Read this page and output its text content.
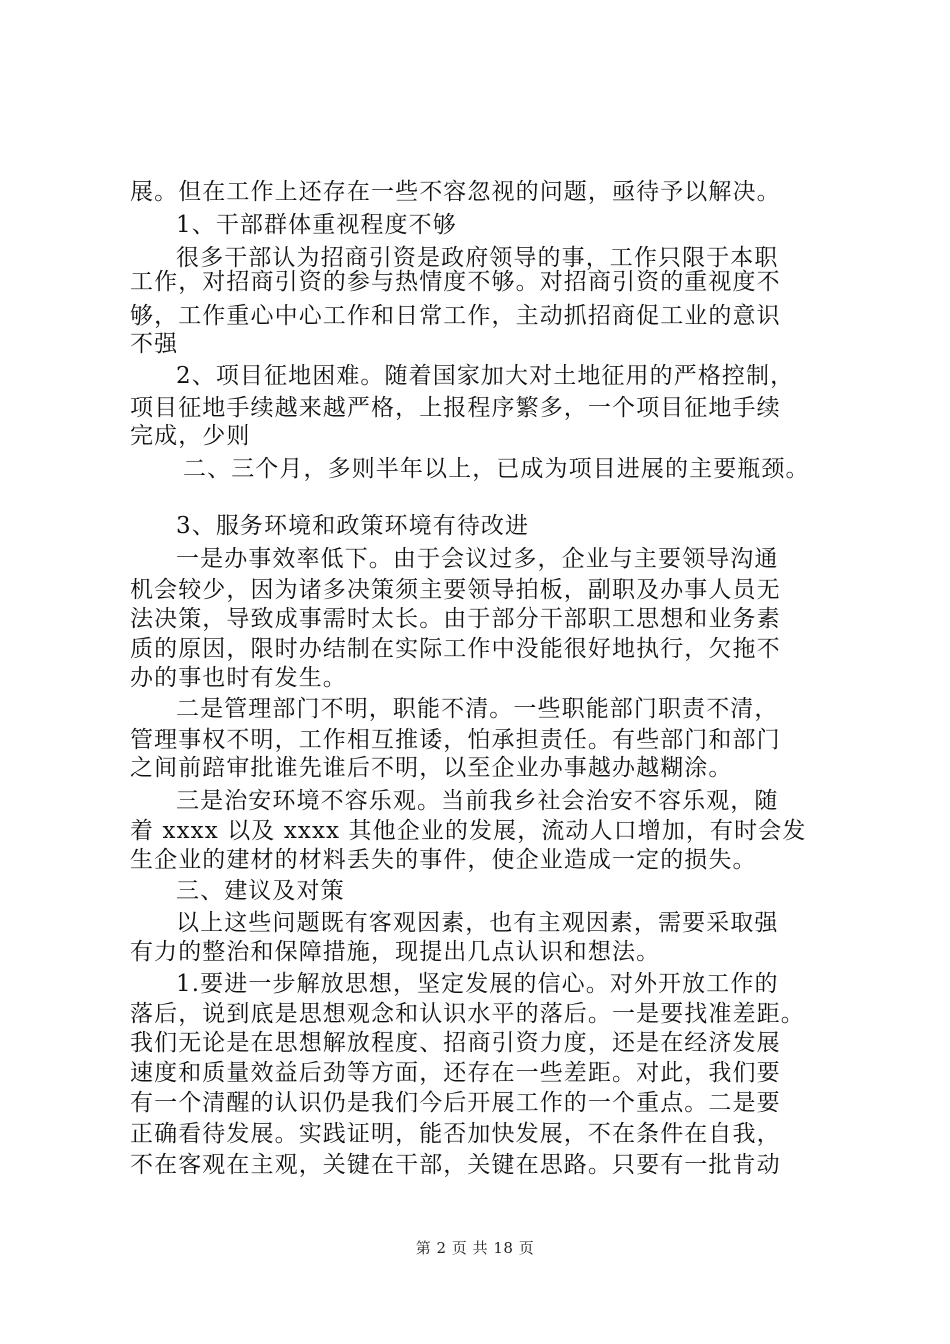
展。但在工作上还存在一些不容忽视的问题，亟待予以解决。
1、干部群体重视程度不够
很多干部认为招商引资是政府领导的事，工作只限于本职
工作，对招商引资的参与热情度不够。对招商引资的重视度不
够，工作重心中心工作和日常工作，主动抓招商促工业的意识
不强
2、项目征地困难。随着国家加大对土地征用的严格控制，
项目征地手续越来越严格，上报程序繁多，一个项目征地手续
完成，少则
二、三个月，多则半年以上，已成为项目进展的主要瓶颈。
3、服务环境和政策环境有待改进
一是办事效率低下。由于会议过多，企业与主要领导沟通
机会较少，因为诸多决策须主要领导拍板，副职及办事人员无
法决策，导致成事需时太长。由于部分干部职工思想和业务素
质的原因，限时办结制在实际工作中没能很好地执行，欠拖不
办的事也时有发生。
二是管理部门不明，职能不清。一些职能部门职责不清，
管理事权不明，工作相互推诿，怕承担责任。有些部门和部门
之间前踣审批谁先谁后不明，以至企业办事越办越糊涂。
三是治安环境不容乐观。当前我乡社会治安不容乐观，随
着 xxxx 以及 xxxx 其他企业的发展，流动人口增加，有时会发
生企业的建材的材料丢失的事件，使企业造成一定的损失。
三、建议及对策
以上这些问题既有客观因素，也有主观因素，需要采取强
有力的整治和保障措施，现提出几点认识和想法。
1.要进一步解放思想，坚定发展的信心。对外开放工作的
落后，说到底是思想观念和认识水平的落后。一是要找准差距。
我们无论是在思想解放程度、招商引资力度，还是在经济发展
速度和质量效益后劲等方面，还存在一些差距。对此，我们要
有一个清醒的认识仍是我们今后开展工作的一个重点。二是要
正确看待发展。实践证明，能否加快发展，不在条件在自我，
不在客观在主观，关键在干部，关键在思路。只要有一批肯动
第 2 页 共 18 页
